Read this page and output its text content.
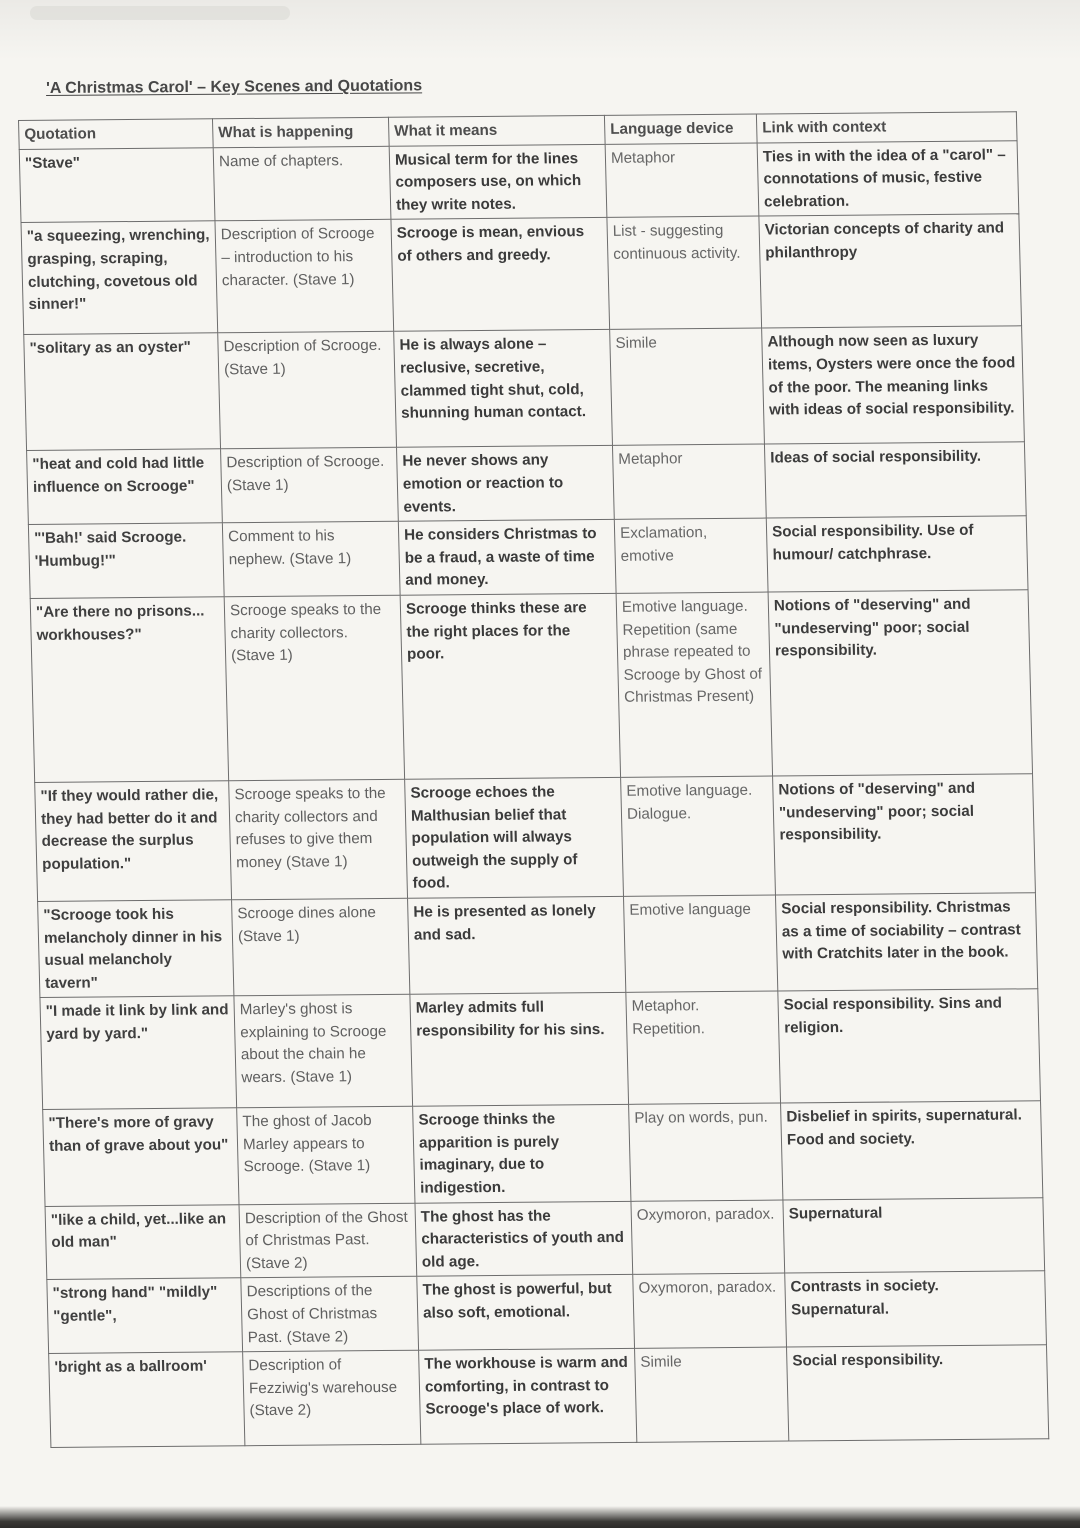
'A Christmas Carol' – Key Scenes and Quotations
Quotation	What is happening	What it means	Language device	Link with context
"Stave"	Name of chapters.	Musical term for the lines composers use, on which they write notes.	Metaphor	Ties in with the idea of a "carol" – connotations of music, festive celebration.
"a squeezing, wrenching, grasping, scraping, clutching, covetous old sinner!"	Description of Scrooge – introduction to his character. (Stave 1)	Scrooge is mean, envious of others and greedy.	List - suggesting continuous activity.	Victorian concepts of charity and philanthropy
"solitary as an oyster"	Description of Scrooge. (Stave 1)	He is always alone – reclusive, secretive, clammed tight shut, cold, shunning human contact.	Simile	Although now seen as luxury items, Oysters were once the food of the poor. The meaning links with ideas of social responsibility.
"heat and cold had little influence on Scrooge"	Description of Scrooge. (Stave 1)	He never shows any emotion or reaction to events.	Metaphor	Ideas of social responsibility.
"'Bah!' said Scrooge. 'Humbug!'"	Comment to his nephew. (Stave 1)	He considers Christmas to be a fraud, a waste of time and money.	Exclamation, emotive	Social responsibility. Use of humour/ catchphrase.
"Are there no prisons... workhouses?"	Scrooge speaks to the charity collectors. (Stave 1)	Scrooge thinks these are the right places for the poor.	Emotive language. Repetition (same phrase repeated to Scrooge by Ghost of Christmas Present)	Notions of "deserving" and "undeserving" poor; social responsibility.
"If they would rather die, they had better do it and decrease the surplus population."	Scrooge speaks to the charity collectors and refuses to give them money (Stave 1)	Scrooge echoes the Malthusian belief that population will always outweigh the supply of food.	Emotive language. Dialogue.	Notions of "deserving" and "undeserving" poor; social responsibility.
"Scrooge took his melancholy dinner in his usual melancholy tavern"	Scrooge dines alone (Stave 1)	He is presented as lonely and sad.	Emotive language	Social responsibility. Christmas as a time of sociability – contrast with Cratchits later in the book.
"I made it link by link and yard by yard."	Marley's ghost is explaining to Scrooge about the chain he wears. (Stave 1)	Marley admits full responsibility for his sins.	Metaphor. Repetition.	Social responsibility. Sins and religion.
"There's more of gravy than of grave about you"	The ghost of Jacob Marley appears to Scrooge. (Stave 1)	Scrooge thinks the apparition is purely imaginary, due to indigestion.	Play on words, pun.	Disbelief in spirits, supernatural. Food and society.
"like a child, yet...like an old man"	Description of the Ghost of Christmas Past. (Stave 2)	The ghost has the characteristics of youth and old age.	Oxymoron, paradox.	Supernatural
"strong hand" "mildly" "gentle",	Descriptions of the Ghost of Christmas Past. (Stave 2)	The ghost is powerful, but also soft, emotional.	Oxymoron, paradox.	Contrasts in society. Supernatural.
'bright as a ballroom'	Description of Fezziwig's warehouse (Stave 2)	The workhouse is warm and comforting, in contrast to Scrooge's place of work.	Simile	Social responsibility.
